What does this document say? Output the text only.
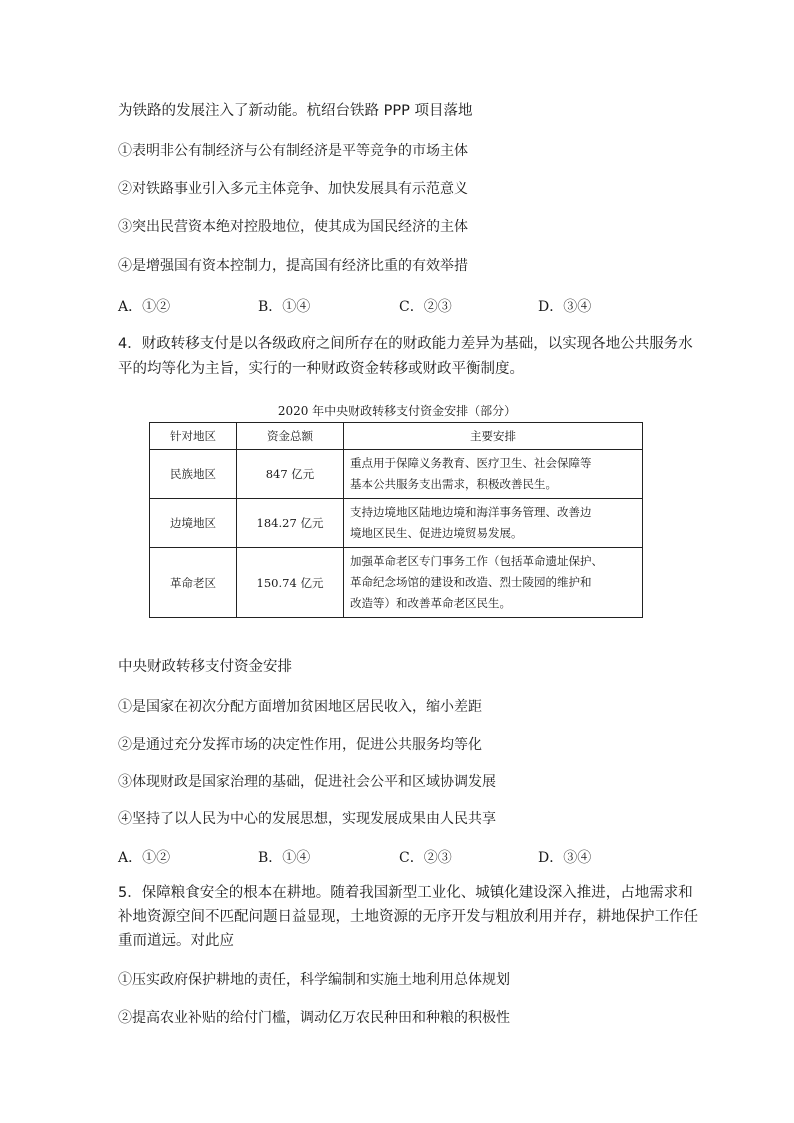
为铁路的发展注入了新动能。杭绍台铁路 PPP 项目落地
①表明非公有制经济与公有制经济是平等竞争的市场主体
②对铁路事业引入多元主体竞争、加快发展具有示范意义
③突出民营资本绝对控股地位，使其成为国民经济的主体
④是增强国有资本控制力，提高国有经济比重的有效举措
A．①②	B．①④	C．②③	D．③④
4．财政转移支付是以各级政府之间所存在的财政能力差异为基础，以实现各地公共服务水
平的均等化为主旨，实行的一种财政资金转移或财政平衡制度。
2020 年中央财政转移支付资金安排（部分）
针对地区	资金总额	主要安排
民族地区	847 亿元	重点用于保障义务教育、医疗卫生、社会保障等
基本公共服务支出需求，积极改善民生。

边境地区	184.27 亿元	支持边境地区陆地边境和海洋事务管理、改善边
境地区民生、促进边境贸易发展。

革命老区	150.74 亿元	加强革命老区专门事务工作（包括革命遗址保护、
革命纪念场馆的建设和改造、烈士陵园的维护和
改造等）和改善革命老区民生。
中央财政转移支付资金安排
①是国家在初次分配方面增加贫困地区居民收入，缩小差距
②是通过充分发挥市场的决定性作用，促进公共服务均等化
③体现财政是国家治理的基础，促进社会公平和区域协调发展
④坚持了以人民为中心的发展思想，实现发展成果由人民共享
A．①②	B．①④	C．②③	D．③④
5．保障粮食安全的根本在耕地。随着我国新型工业化、城镇化建设深入推进，占地需求和
补地资源空间不匹配问题日益显现，土地资源的无序开发与粗放利用并存，耕地保护工作任
重而道远。对此应
①压实政府保护耕地的责任，科学编制和实施土地利用总体规划
②提高农业补贴的给付门槛，调动亿万农民种田和种粮的积极性
